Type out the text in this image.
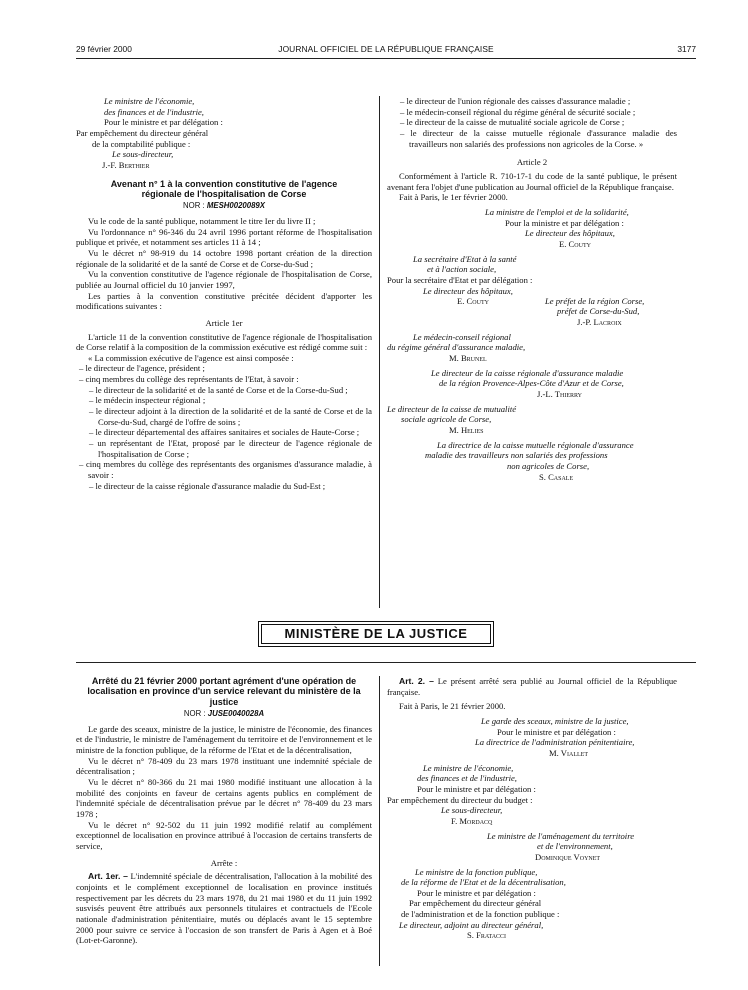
29 février 2000	JOURNAL OFFICIEL DE LA RÉPUBLIQUE FRANÇAISE	3177

Le ministre de l'économie,

des finances et de l'industrie,

Pour le ministre et par délégation :

Par empêchement du directeur général

de la comptabilité publique :

Le sous-directeur,

J.-F. Berthier

Avenant n° 1 à la convention constitutive de l'agence régionale de l'hospitalisation de Corse
NOR : MESH0020089X

Vu le code de la santé publique, notamment le titre Ier du livre II ;

Vu l'ordonnance n° 96-346 du 24 avril 1996 portant réforme de l'hospitalisation publique et privée, et notamment ses articles 11 à 14 ;

Vu le décret n° 98-919 du 14 octobre 1998 portant création de la direction régionale de la solidarité et de la santé de Corse et de Corse-du-Sud ;

Vu la convention constitutive de l'agence régionale de l'hospitalisation de Corse, publiée au Journal officiel du 10 janvier 1997,

Les parties à la convention constitutive précitée décident d'apporter les modifications suivantes :

Article 1er

L'article 11 de la convention constitutive de l'agence régionale de l'hospitalisation de Corse relatif à la composition de la commission exécutive est rédigé comme suit :

« La commission exécutive de l'agence est ainsi composée :

– le directeur de l'agence, président ;
– cinq membres du collège des représentants de l'Etat, à savoir :
– le directeur de la solidarité et de la santé de Corse et de la Corse-du-Sud ;
– le médecin inspecteur régional ;
– le directeur adjoint à la direction de la solidarité et de la santé de Corse et de la Corse-du-Sud, chargé de l'offre de soins ;
– le directeur départemental des affaires sanitaires et sociales de Haute-Corse ;
– un représentant de l'Etat, proposé par le directeur de l'agence régionale de l'hospitalisation de Corse ;
– cinq membres du collège des représentants des organismes d'assurance maladie, à savoir :
– le directeur de la caisse régionale d'assurance maladie du Sud-Est ;
– le directeur de l'union régionale des caisses d'assurance maladie ;
– le médecin-conseil régional du régime général de sécurité sociale ;
– le directeur de la caisse de mutualité sociale agricole de Corse ;
– le directeur de la caisse mutuelle régionale d'assurance maladie des travailleurs non salariés des professions non agricoles de la Corse. »
Article 2

Conformément à l'article R. 710-17-1 du code de la santé publique, le présent avenant fera l'objet d'une publication au Journal officiel de la République française.

Fait à Paris, le 1er février 2000.

La ministre de l'emploi et de la solidarité,

Pour la ministre et par délégation :

Le directeur des hôpitaux,

E. Couty

La secrétaire d'Etat à la santé

et à l'action sociale,

Pour la secrétaire d'Etat et par délégation :

Le directeur des hôpitaux,

E. Couty	Le préfet de la région Corse,

préfet de Corse-du-Sud,

J.-P. Lacroix

Le médecin-conseil régional

du régime général d'assurance maladie,

M. Brunel

Le directeur de la caisse régionale d'assurance maladie

de la région Provence-Alpes-Côte d'Azur et de Corse,

J.-L. Thierry

Le directeur de la caisse de mutualité

sociale agricole de Corse,

M. Helies

La directrice de la caisse mutuelle régionale d'assurance

maladie des travailleurs non salariés des professions

non agricoles de Corse,

S. Casale

MINISTÈRE DE LA JUSTICE
Arrêté du 21 février 2000 portant agrément d'une opération de localisation en province d'un service relevant du ministère de la justice
NOR : JUSE0040028A

Le garde des sceaux, ministre de la justice, le ministre de l'économie, des finances et de l'industrie, le ministre de l'aménagement du territoire et de l'environnement et le ministre de la fonction publique, de la réforme de l'Etat et de la décentralisation,

Vu le décret n° 78-409 du 23 mars 1978 instituant une indemnité spéciale de décentralisation ;

Vu le décret n° 80-366 du 21 mai 1980 modifié instituant une allocation à la mobilité des conjoints en faveur de certains agents publics en complément de l'indemnité spéciale de décentralisation prévue par le décret n° 78-409 du 23 mars 1978 ;

Vu le décret n° 92-502 du 11 juin 1992 modifié relatif au complément exceptionnel de localisation en province attribué à l'occasion de certains transferts de service,

Arrête :

Art. 1er. – L'indemnité spéciale de décentralisation, l'allocation à la mobilité des conjoints et le complément exceptionnel de localisation en province institués respectivement par les décrets du 23 mars 1978, du 21 mai 1980 et du 11 juin 1992 susvisés peuvent être attribués aux personnels titulaires et contractuels de l'Ecole nationale d'administration pénitentiaire, mutés ou déplacés avant le 15 septembre 2000 pour suivre ce service à l'occasion de son transfert de Paris à Agen et à Boé (Lot-et-Garonne).

Art. 2. – Le présent arrêté sera publié au Journal officiel de la République française.

Fait à Paris, le 21 février 2000.

Le garde des sceaux, ministre de la justice,

Pour le ministre et par délégation :

La directrice de l'administration pénitentiaire,

M. Viallet

Le ministre de l'économie,

des finances et de l'industrie,

Pour le ministre et par délégation :

Par empêchement du directeur du budget :

Le sous-directeur,

F. Mordacq

Le ministre de l'aménagement du territoire

et de l'environnement,

Dominique Voynet

Le ministre de la fonction publique,

de la réforme de l'Etat et de la décentralisation,

Pour le ministre et par délégation :

Par empêchement du directeur général

de l'administration et de la fonction publique :

Le directeur, adjoint au directeur général,

S. Fratacci
